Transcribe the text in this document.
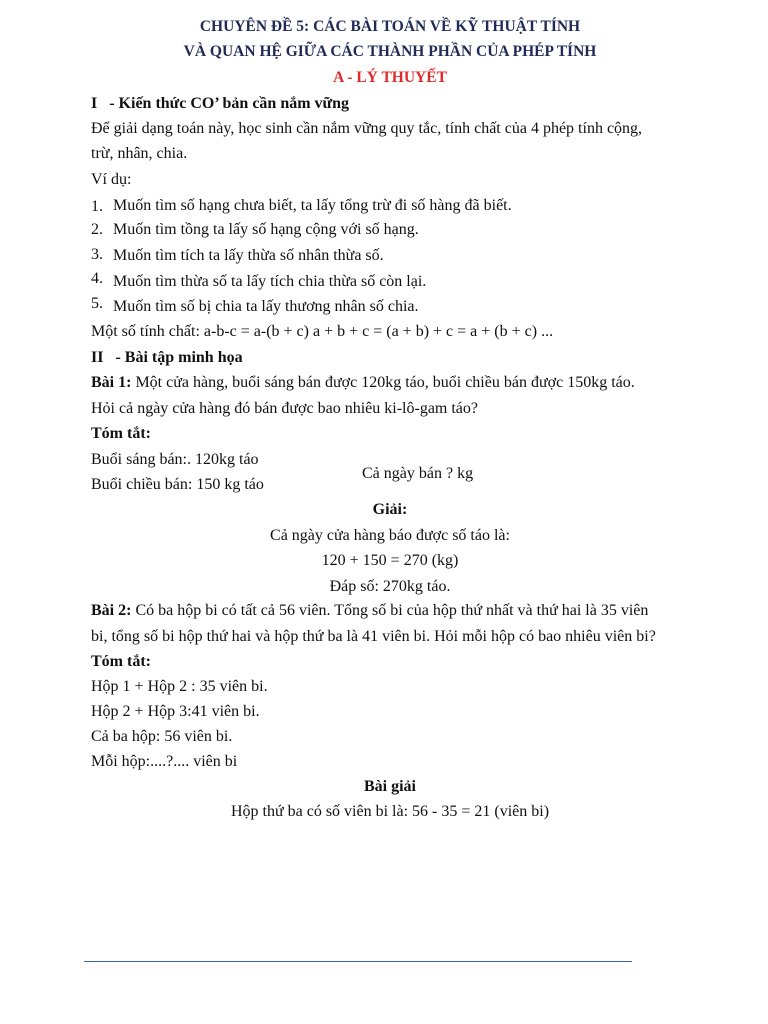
CHUYÊN ĐỀ 5: CÁC BÀI TOÁN VỀ KỸ THUẬT TÍNH
VÀ QUAN HỆ GIỮA CÁC THÀNH PHẦN CỦA PHÉP TÍNH
A - LÝ THUYẾT
I   - Kiến thức CO’ bản cần nắm vững
Để giải dạng toán này, học sinh cần nắm vững quy tắc, tính chất của 4 phép tính cộng,
trừ, nhân, chia.
Ví dụ:
1. Muốn tìm số hạng chưa biết, ta lấy tổng trừ đi số hàng đã biết.
2. Muốn tìm tồng ta lấy số hạng cộng với số hạng.
3. Muốn tìm tích ta lấy thừa số nhân thừa số.
4. Muốn tìm thừa số ta lấy tích chia thừa số còn lại.
5. Muốn tìm số bị chia ta lấy thương nhân số chia.
Một số tính chất: a-b-c = a-(b + c) a + b + c = (a + b) + c = a + (b + c) ...
II   - Bài tập minh họa
Bài 1: Một cửa hàng, buổi sáng bán được 120kg táo, buổi chiều bán được 150kg táo.
Hỏi cả ngày cửa hàng đó bán được bao nhiêu ki-lô-gam táo?
Tóm tắt:
Buổi sáng bán:. 120kg táo
Buổi chiều bán: 150 kg táo
Cả ngày bán ? kg
Giải:
Cả ngày cửa hàng báo được số táo là:
120 + 150 = 270 (kg)
Đáp số: 270kg táo.
Bài 2: Có ba hộp bi có tất cả 56 viên. Tổng số bi của hộp thứ nhất và thứ hai là 35 viên
bi, tổng số bi hộp thứ hai và hộp thứ ba là 41 viên bi. Hỏi mỗi hộp có bao nhiêu viên bi?
Tóm tắt:
Hộp 1 + Hộp 2 : 35 viên bi.
Hộp 2 + Hộp 3:41 viên bi.
Cả ba hộp: 56 viên bi.
Mỗi hộp:....?.... viên bi
Bài giải
Hộp thứ ba có số viên bi là: 56 - 35 = 21 (viên bi)
